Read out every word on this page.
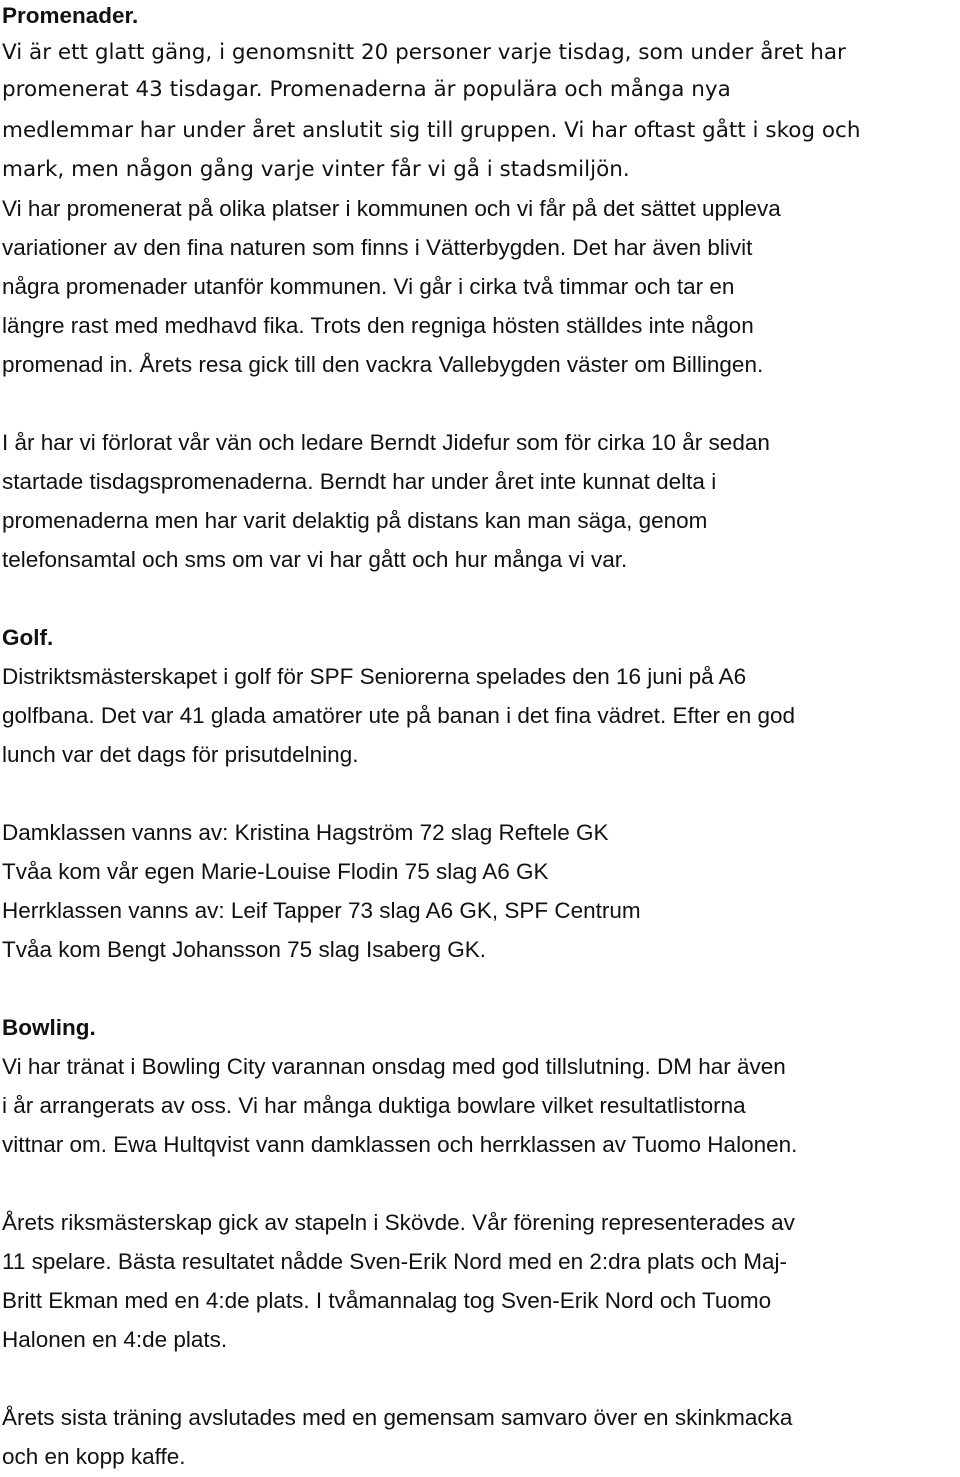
Promenader.
Vi är ett glatt gäng, i genomsnitt 20 personer varje tisdag, som under året har
promenerat 43 tisdagar. Promenaderna är populära och många nya
medlemmar har under året anslutit sig till gruppen. Vi har oftast gått i skog och
mark, men någon gång varje vinter får vi gå i stadsmiljön.
Vi har promenerat på olika platser i kommunen och vi får på det sättet uppleva
variationer av den fina naturen som finns i Vätterbygden. Det har även blivit
några promenader utanför kommunen. Vi går i cirka två timmar och tar en
längre rast med medhavd fika. Trots den regniga hösten ställdes inte någon
promenad in. Årets resa gick till den vackra Vallebygden väster om Billingen.
I år har vi förlorat vår vän och ledare Berndt Jidefur som för cirka 10 år sedan
startade tisdagspromenaderna. Berndt har under året inte kunnat delta i
promenaderna men har varit delaktig på distans kan man säga, genom
telefonsamtal och sms om var vi har gått och hur många vi var.
Golf.
Distriktsmästerskapet i golf för SPF Seniorerna spelades den 16 juni på A6
golfbana. Det var 41 glada amatörer ute på banan i det fina vädret. Efter en god
lunch var det dags för prisutdelning.
Damklassen vanns av: Kristina Hagström 72 slag Reftele GK
Tvåa kom vår egen Marie-Louise Flodin 75 slag A6 GK
Herrklassen vanns av: Leif Tapper 73 slag A6 GK, SPF Centrum
Tvåa kom Bengt Johansson 75 slag Isaberg GK.
Bowling.
Vi har tränat i Bowling City varannan onsdag med god tillslutning. DM har även
i år arrangerats av oss. Vi har många duktiga bowlare vilket resultatlistorna
vittnar om. Ewa Hultqvist vann damklassen och herrklassen av Tuomo Halonen.
Årets riksmästerskap gick av stapeln i Skövde. Vår förening representerades av
11 spelare. Bästa resultatet nådde Sven-Erik Nord med en 2:dra plats och Maj-
Britt Ekman med en 4:de plats. I tvåmannalag tog Sven-Erik Nord och Tuomo
Halonen en 4:de plats.
Årets sista träning avslutades med en gemensam samvaro över en skinkmacka
och en kopp kaffe.
